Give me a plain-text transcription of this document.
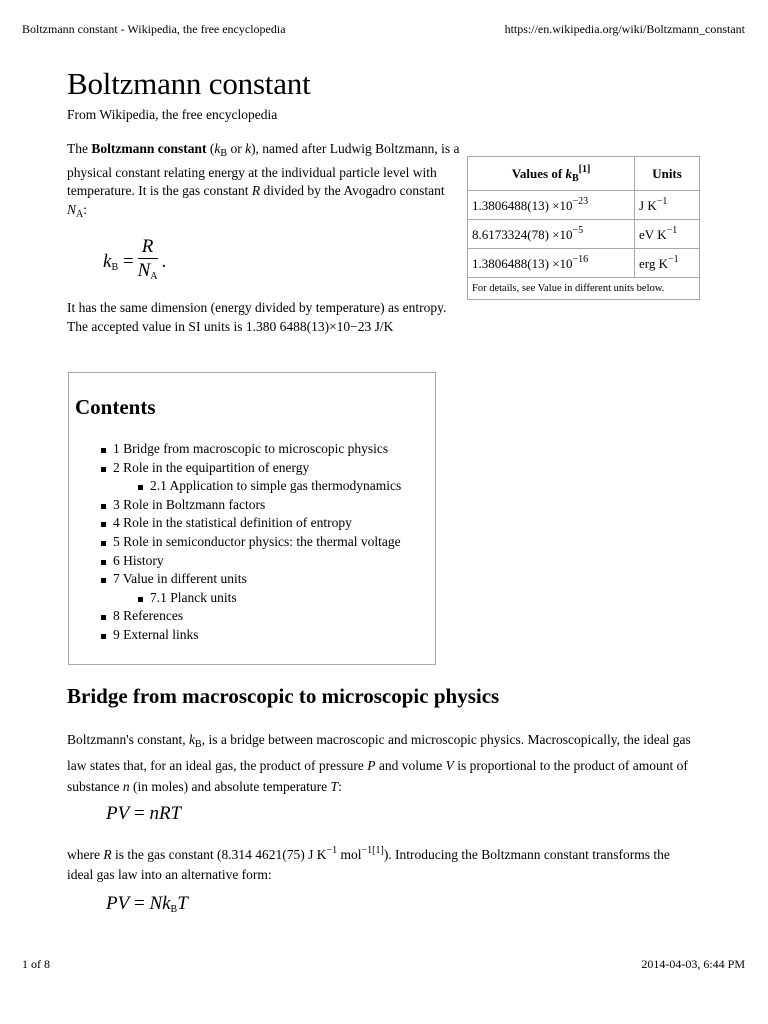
Boltzmann constant - Wikipedia, the free encyclopedia	https://en.wikipedia.org/wiki/Boltzmann_constant
Boltzmann constant
From Wikipedia, the free encyclopedia
The Boltzmann constant ($k_B$ or k), named after Ludwig Boltzmann, is a physical constant relating energy at the individual particle level with temperature. It is the gas constant R divided by the Avogadro constant $N_A$:
$k_B = \frac{R}{N_A}$ .
It has the same dimension (energy divided by temperature) as entropy. The accepted value in SI units is 1.380 6488(13)×10−23 J/K
Values of $k_B[1]$	Units
$1.3806488(13) \times 10^{-23}$	J $K^{-1}$
$8.6173324(78) \times 10^{-5}$	eV $K^{-1}$
$1.3806488(13) \times 10^{-16}$	erg $K^{-1}$
For details, see Value in different units below.	
Contents
1 Bridge from macroscopic to microscopic physics
2 Role in the equipartition of energy
2.1 Application to simple gas thermodynamics
3 Role in Boltzmann factors
4 Role in the statistical definition of entropy
5 Role in semiconductor physics: the thermal voltage
6 History
7 Value in different units
7.1 Planck units
8 References
9 External links
Bridge from macroscopic to microscopic physics
Boltzmann's constant, $k_B$, is a bridge between macroscopic and microscopic physics. Macroscopically, the ideal gas law states that, for an ideal gas, the product of pressure P and volume V is proportional to the product of amount of substance n (in moles) and absolute temperature T:
PV = nRT
where R is the gas constant (8.314 4621(75) J $K^{-1}$ mol$^{-1[1]}$). Introducing the Boltzmann constant transforms the ideal gas law into an alternative form:
PV = $Nk_BT$
1 of 8	2014-04-03, 6:44 PM
